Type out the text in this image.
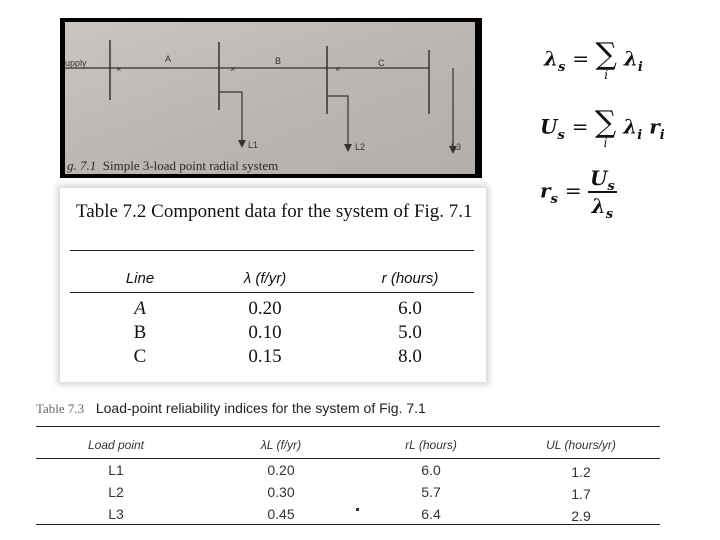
×	×	×
upply	A	B	C
L1	L2	L3
g. 7.1 Simple 3-load point radial system
$\lambda_s$ = ∑
i
$\lambda_i$
$U_s$ = ∑
i
$\lambda_i$ $r_i$
$r_s = \frac{U_s}{\lambda_s}$
Table 7.2 Component data for the system of Fig. 7.1
Line	λ (f/yr)	r (hours)
A	0.20	6.0
B	0.10	5.0
C	0.15	8.0
Table 7.3 Load-point reliability indices for the system of Fig. 7.1
Load point	λL (f/yr)	rL (hours)	UL (hours/yr)
L1	0.20	6.0	1.2
L2	0.30	5.7	1.7
L3	0.45	6.4	2.9
